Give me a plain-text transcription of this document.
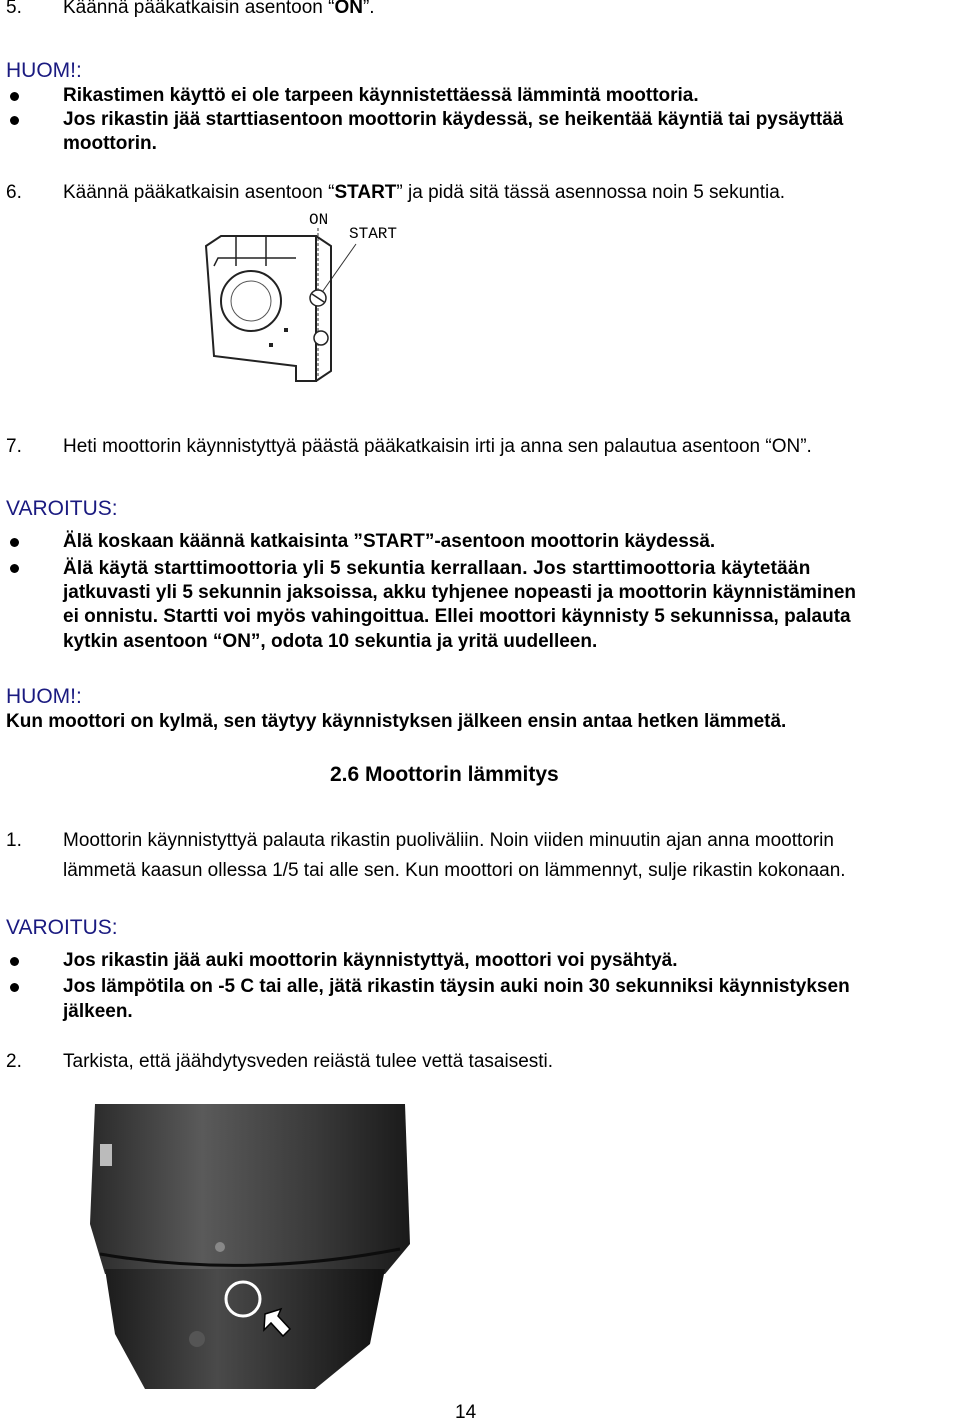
5. Käännä pääkatkaisin asentoon “ON”.
HUOM!:
Rikastimen käyttö ei ole tarpeen käynnistettäessä lämmintä moottoria.
Jos rikastin jää starttiasentoon moottorin käydessä, se heikentää käyntiä tai pysäyttää
moottorin.
6. Käännä pääkatkaisin asentoon “START” ja pidä sitä tässä asennossa noin 5 sekuntia.
ON
START
7. Heti moottorin käynnistyttyä päästä pääkatkaisin irti ja anna sen palautua asentoon “ON”.
VAROITUS:
Älä koskaan käännä katkaisinta ”START”-asentoon moottorin käydessä.
Älä käytä starttimoottoria yli 5 sekuntia kerrallaan. Jos starttimoottoria käytetään
jatkuvasti yli 5 sekunnin jaksoissa, akku tyhjenee nopeasti ja moottorin käynnistäminen
ei onnistu. Startti voi myös vahingoittua. Ellei moottori käynnisty 5 sekunnissa, palauta
kytkin asentoon “ON”, odota 10 sekuntia ja yritä uudelleen.
HUOM!:
Kun moottori on kylmä, sen täytyy käynnistyksen jälkeen ensin antaa hetken lämmetä.
2.6 Moottorin lämmitys
1. Moottorin käynnistyttyä palauta rikastin puoliväliin. Noin viiden minuutin ajan anna moottorin
lämmetä kaasun ollessa 1/5 tai alle sen. Kun moottori on lämmennyt, sulje rikastin kokonaan.
VAROITUS:
Jos rikastin jää auki moottorin käynnistyttyä, moottori voi pysähtyä.
Jos lämpötila on -5 C tai alle, jätä rikastin täysin auki noin 30 sekunniksi käynnistyksen
jälkeen.
2. Tarkista, että jäähdytysveden reiästä tulee vettä tasaisesti.
14
